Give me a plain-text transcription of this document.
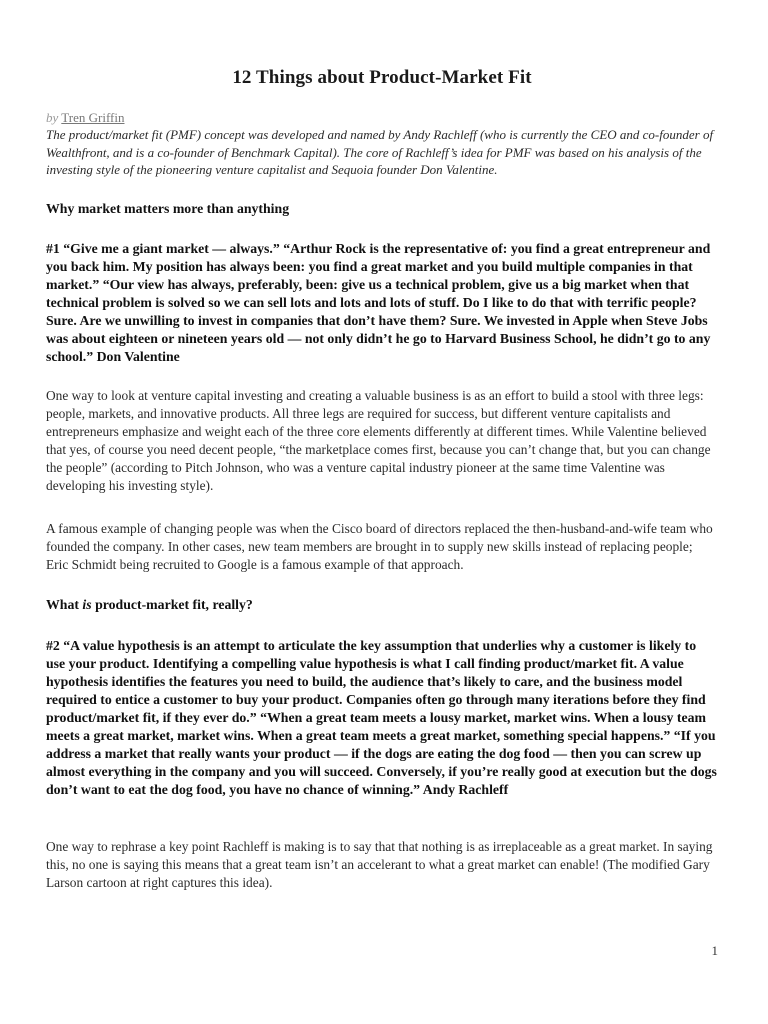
12 Things about Product-Market Fit
by Tren Griffin
The product/market fit (PMF) concept was developed and named by Andy Rachleff (who is currently the CEO and co-founder of Wealthfront, and is a co-founder of Benchmark Capital). The core of Rachleff’s idea for PMF was based on his analysis of the investing style of the pioneering venture capitalist and Sequoia founder Don Valentine.
Why market matters more than anything
#1 “Give me a giant market — always.” “Arthur Rock is the representative of: you find a great entrepreneur and you back him. My position has always been: you find a great market and you build multiple companies in that market.” “Our view has always, preferably, been: give us a technical problem, give us a big market when that technical problem is solved so we can sell lots and lots and lots of stuff. Do I like to do that with terrific people? Sure. Are we unwilling to invest in companies that don’t have them? Sure. We invested in Apple when Steve Jobs was about eighteen or nineteen years old — not only didn’t he go to Harvard Business School, he didn’t go to any school.” Don Valentine
One way to look at venture capital investing and creating a valuable business is as an effort to build a stool with three legs: people, markets, and innovative products. All three legs are required for success, but different venture capitalists and entrepreneurs emphasize and weight each of the three core elements differently at different times. While Valentine believed that yes, of course you need decent people, “the marketplace comes first, because you can’t change that, but you can change the people” (according to Pitch Johnson, who was a venture capital industry pioneer at the same time Valentine was developing his investing style).
A famous example of changing people was when the Cisco board of directors replaced the then-husband-and-wife team who founded the company. In other cases, new team members are brought in to supply new skills instead of replacing people; Eric Schmidt being recruited to Google is a famous example of that approach.
What is product-market fit, really?
#2 “A value hypothesis is an attempt to articulate the key assumption that underlies why a customer is likely to use your product. Identifying a compelling value hypothesis is what I call finding product/market fit. A value hypothesis identifies the features you need to build, the audience that’s likely to care, and the business model required to entice a customer to buy your product. Companies often go through many iterations before they find product/market fit, if they ever do.” “When a great team meets a lousy market, market wins. When a lousy team meets a great market, market wins. When a great team meets a great market, something special happens.” “If you address a market that really wants your product — if the dogs are eating the dog food — then you can screw up almost everything in the company and you will succeed. Conversely, if you’re really good at execution but the dogs don’t want to eat the dog food, you have no chance of winning.” Andy Rachleff
One way to rephrase a key point Rachleff is making is to say that that nothing is as irreplaceable as a great market. In saying this, no one is saying this means that a great team isn’t an accelerant to what a great market can enable! (The modified Gary Larson cartoon at right captures this idea).
1
